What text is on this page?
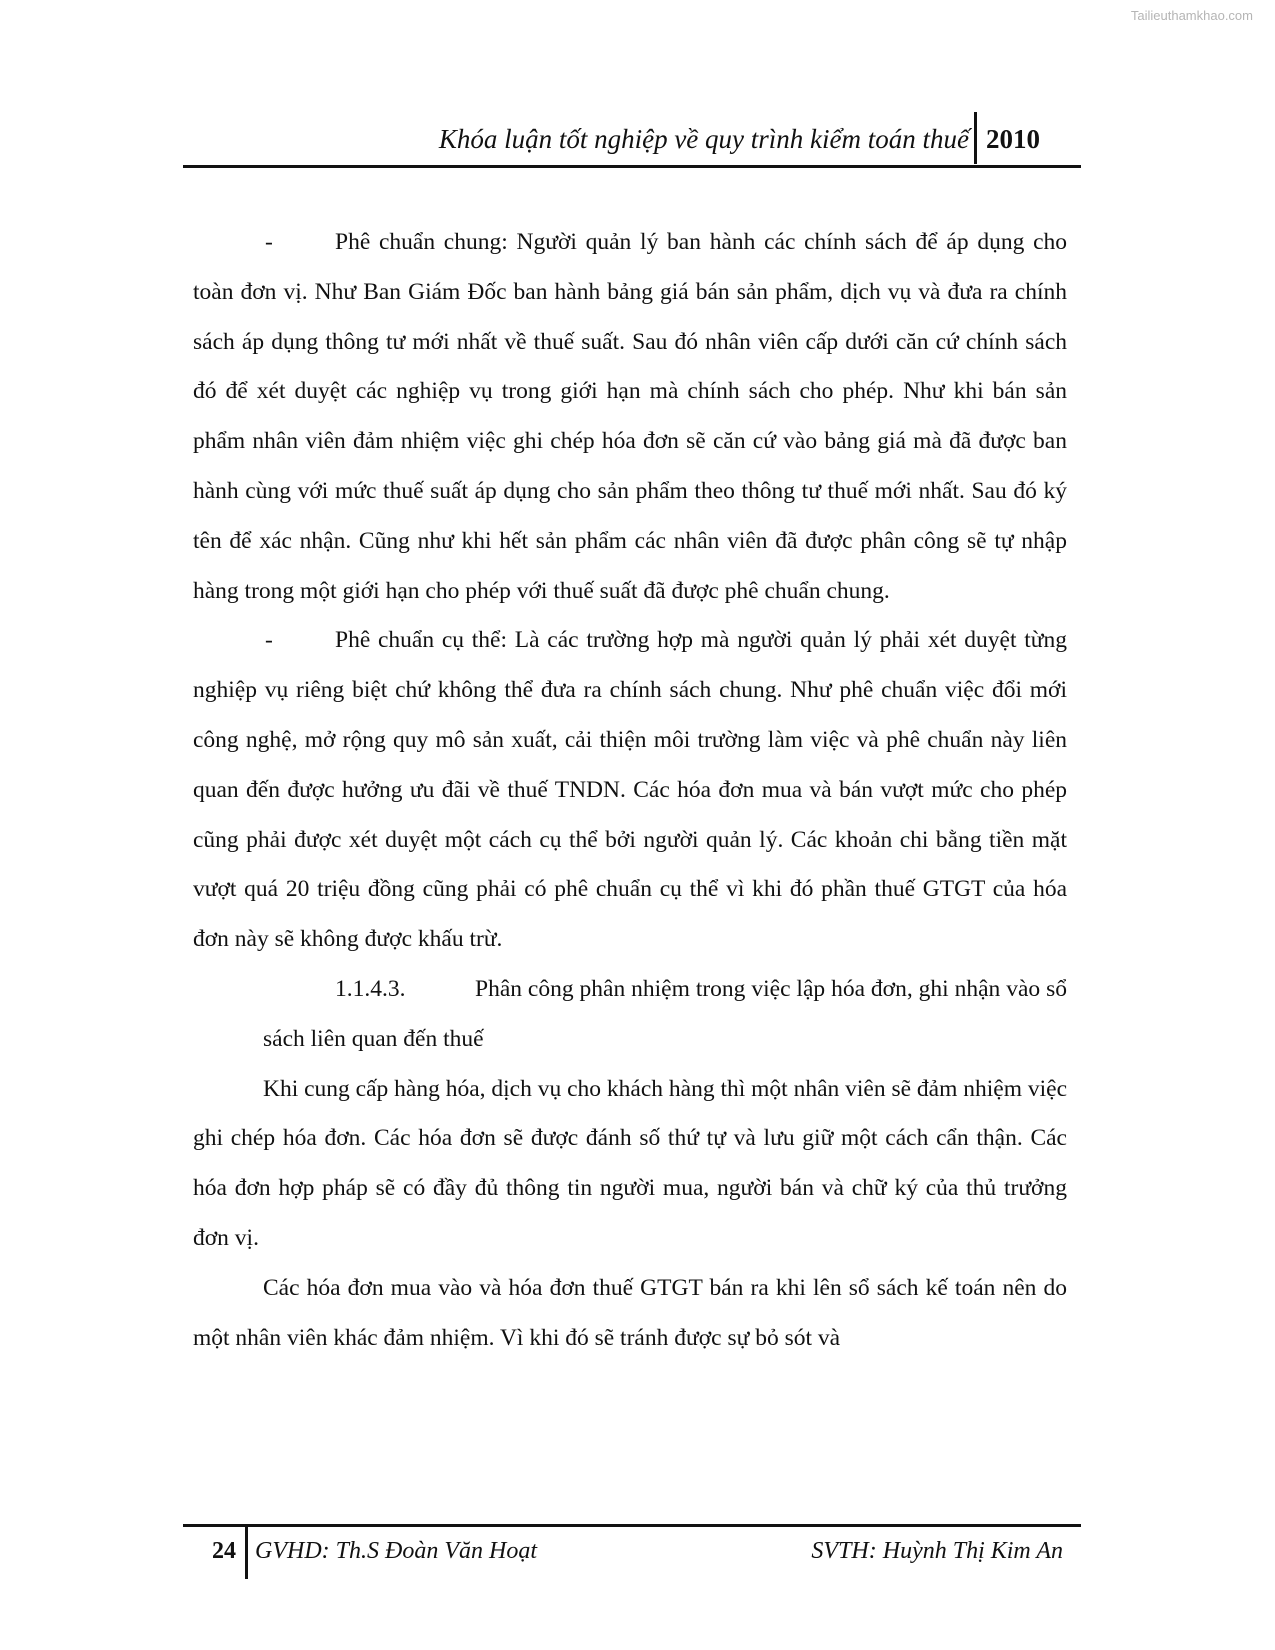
Tailieuthamkhao.com
Khóa luận tốt nghiệp về quy trình kiểm toán thuế 2010

-	Phê chuẩn chung: Người quản lý ban hành các chính sách để áp dụng cho toàn đơn vị. Như Ban Giám Đốc ban hành bảng giá bán sản phẩm, dịch vụ và đưa ra chính sách áp dụng thông tư mới nhất về thuế suất. Sau đó nhân viên cấp dưới căn cứ chính sách đó để xét duyệt các nghiệp vụ trong giới hạn mà chính sách cho phép. Như khi bán sản phẩm nhân viên đảm nhiệm việc ghi chép hóa đơn sẽ căn cứ vào bảng giá mà đã được ban hành cùng với mức thuế suất áp dụng cho sản phẩm theo thông tư thuế mới nhất. Sau đó ký tên để xác nhận. Cũng như khi hết sản phẩm các nhân viên đã được phân công sẽ tự nhập hàng trong một giới hạn cho phép với thuế suất đã được phê chuẩn chung.

-	Phê chuẩn cụ thể: Là các trường hợp mà người quản lý phải xét duyệt từng nghiệp vụ riêng biệt chứ không thể đưa ra chính sách chung. Như phê chuẩn việc đổi mới công nghệ, mở rộng quy mô sản xuất, cải thiện môi trường làm việc và phê chuẩn này liên quan đến được hưởng ưu đãi về thuế TNDN. Các hóa đơn mua và bán vượt mức cho phép cũng phải được xét duyệt một cách cụ thể bởi người quản lý. Các khoản chi bằng tiền mặt vượt quá 20 triệu đồng cũng phải có phê chuẩn cụ thể vì khi đó phần thuế GTGT của hóa đơn này sẽ không được khấu trừ.

1.1.4.3.	Phân công phân nhiệm trong việc lập hóa đơn, ghi nhận vào sổ sách liên quan đến thuế

Khi cung cấp hàng hóa, dịch vụ cho khách hàng thì một nhân viên sẽ đảm nhiệm việc ghi chép hóa đơn. Các hóa đơn sẽ được đánh số thứ tự và lưu giữ một cách cẩn thận. Các hóa đơn hợp pháp sẽ có đầy đủ thông tin người mua, người bán và chữ ký của thủ trưởng đơn vị.

Các hóa đơn mua vào và hóa đơn thuế GTGT bán ra khi lên sổ sách kế toán nên do một nhân viên khác đảm nhiệm. Vì khi đó sẽ tránh được sự bỏ sót và

24 GVHD: Th.S Đoàn Văn Hoạt	SVTH: Huỳnh Thị Kim An
